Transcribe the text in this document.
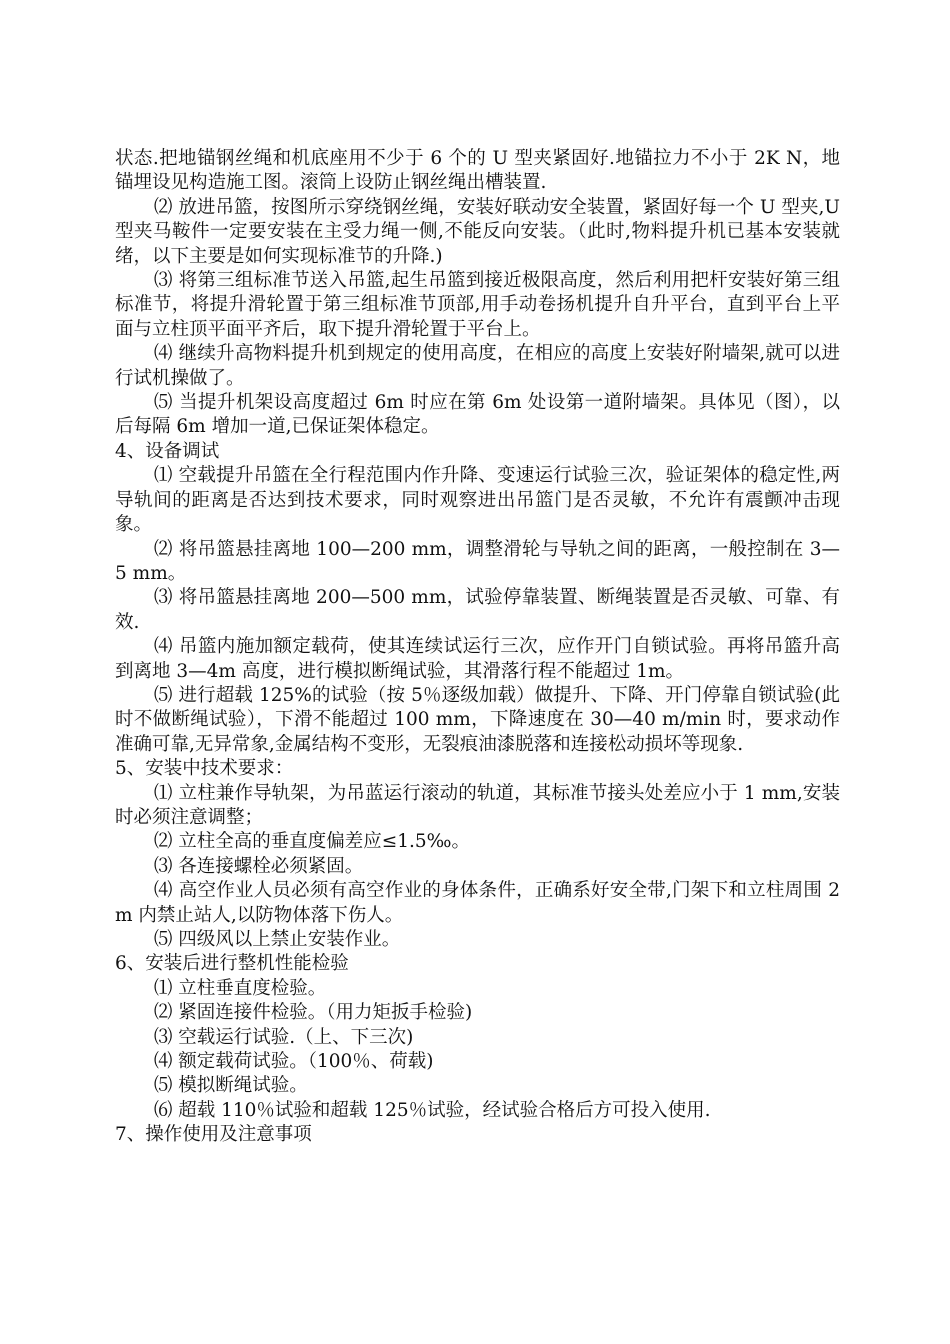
状态.把地锚钢丝绳和机底座用不少于 6 个的 U 型夹紧固好.地锚拉力不小于 2K N，地锚埋设见构造施工图。滚筒上设防止钢丝绳出槽装置.

⑵ 放进吊篮，按图所示穿绕钢丝绳，安装好联动安全装置，紧固好每一个 U 型夹,U 型夹马鞍件一定要安装在主受力绳一侧,不能反向安装。（此时,物料提升机已基本安装就绪，以下主要是如何实现标准节的升降.)

⑶ 将第三组标准节送入吊篮,起生吊篮到接近极限高度，然后利用把杆安装好第三组标准节，将提升滑轮置于第三组标准节顶部,用手动卷扬机提升自升平台，直到平台上平面与立柱顶平面平齐后，取下提升滑轮置于平台上。

⑷ 继续升高物料提升机到规定的使用高度，在相应的高度上安装好附墙架,就可以进行试机操做了。

⑸ 当提升机架设高度超过 6m 时应在第 6m 处设第一道附墙架。具体见（图），以后每隔 6m 增加一道,已保证架体稳定。

4、设备调试

⑴ 空载提升吊篮在全行程范围内作升降、变速运行试验三次，验证架体的稳定性,两导轨间的距离是否达到技术要求，同时观察进出吊篮门是否灵敏，不允许有震颤冲击现象。

⑵ 将吊篮悬挂离地 100—200 mm，调整滑轮与导轨之间的距离，一般控制在 3—5 mm。

⑶ 将吊篮悬挂离地 200—500 mm，试验停靠装置、断绳装置是否灵敏、可靠、有效.

⑷ 吊篮内施加额定载荷，使其连续试运行三次，应作开门自锁试验。再将吊篮升高到离地 3—4m 高度，进行模拟断绳试验，其滑落行程不能超过 1m。

⑸ 进行超载 125%的试验（按 5％逐级加载）做提升、下降、开门停靠自锁试验(此时不做断绳试验），下滑不能超过 100 mm，下降速度在 30—40 m/min 时，要求动作准确可靠,无异常象,金属结构不变形，无裂痕油漆脱落和连接松动损坏等现象.

5、安装中技术要求：

⑴ 立柱兼作导轨架，为吊蓝运行滚动的轨道，其标准节接头处差应小于 1 mm,安装时必须注意调整；

⑵ 立柱全高的垂直度偏差应≤1.5‰。

⑶ 各连接螺栓必须紧固。

⑷ 高空作业人员必须有高空作业的身体条件，正确系好安全带,门架下和立柱周围 2 m 内禁止站人,以防物体落下伤人。

⑸ 四级风以上禁止安装作业。

6、安装后进行整机性能检验

⑴ 立柱垂直度检验。

⑵ 紧固连接件检验。（用力矩扳手检验)

⑶ 空载运行试验.（上、下三次)

⑷ 额定载荷试验。（100％、荷载)

⑸ 模拟断绳试验。

⑹ 超载 110％试验和超载 125％试验，经试验合格后方可投入使用.

7、操作使用及注意事项
